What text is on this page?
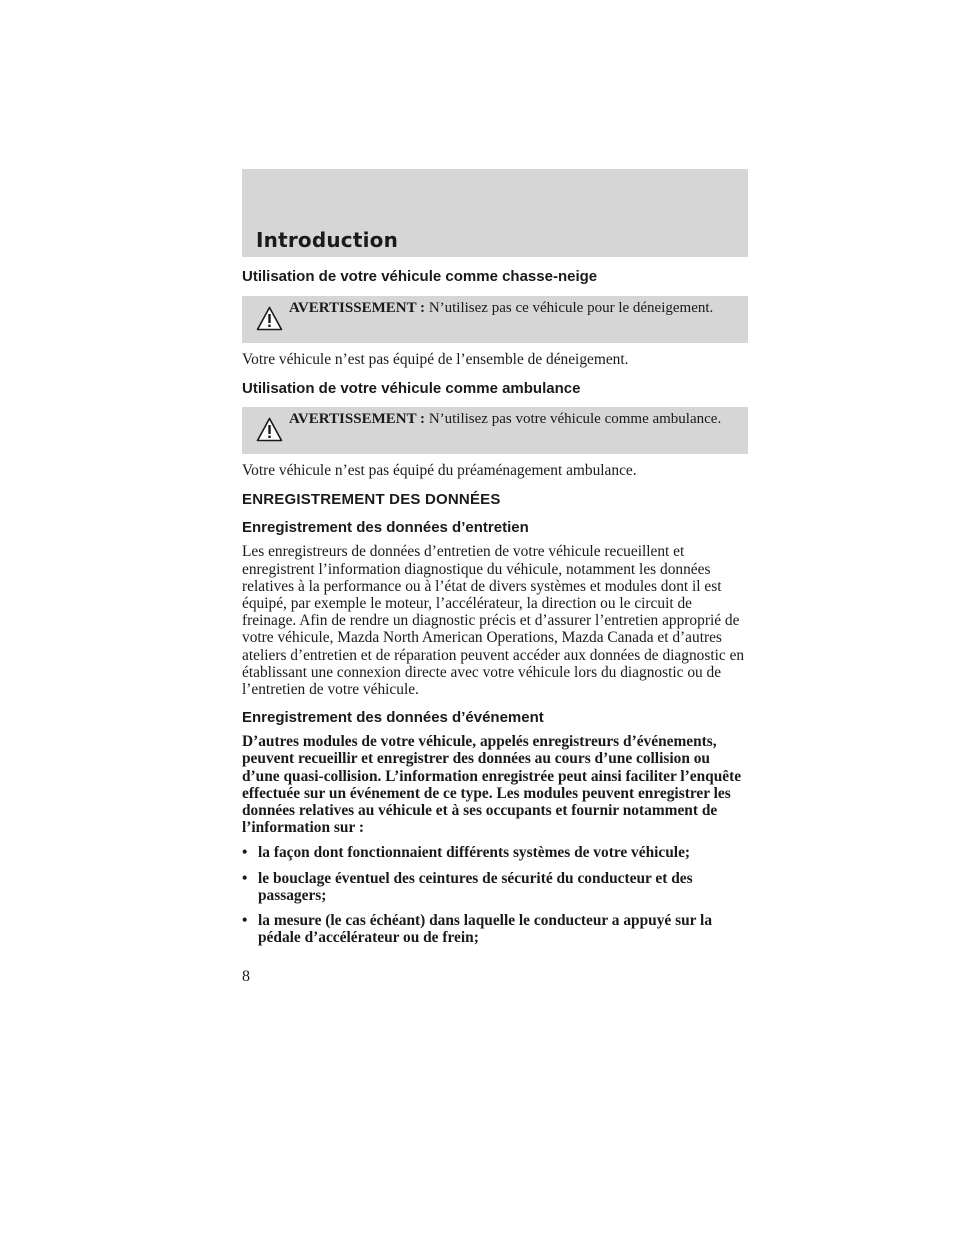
Introduction
Utilisation de votre véhicule comme chasse-neige
AVERTISSEMENT : N’utilisez pas ce véhicule pour le déneigement.

Votre véhicule n’est pas équipé de l’ensemble de déneigement.

Utilisation de votre véhicule comme ambulance
AVERTISSEMENT : N’utilisez pas votre véhicule comme ambulance.

Votre véhicule n’est pas équipé du préaménagement ambulance.

ENREGISTREMENT DES DONNÉES
Enregistrement des données d’entretien

Les enregistreurs de données d’entretien de votre véhicule recueillent et enregistrent l’information diagnostique du véhicule, notamment les données relatives à la performance ou à l’état de divers systèmes et modules dont il est équipé, par exemple le moteur, l’accélérateur, la direction ou le circuit de freinage. Afin de rendre un diagnostic précis et d’assurer l’entretien approprié de votre véhicule, Mazda North American Operations, Mazda Canada et d’autres ateliers d’entretien et de réparation peuvent accéder aux données de diagnostic en établissant une connexion directe avec votre véhicule lors du diagnostic ou de l’entretien de votre véhicule.

Enregistrement des données d’événement

D’autres modules de votre véhicule, appelés enregistreurs d’événements, peuvent recueillir et enregistrer des données au cours d’une collision ou d’une quasi-collision. L’information enregistrée peut ainsi faciliter l’enquête effectuée sur un événement de ce type. Les modules peuvent enregistrer les données relatives au véhicule et à ses occupants et fournir notamment de l’information sur :

• la façon dont fonctionnaient différents systèmes de votre véhicule;
• le bouclage éventuel des ceintures de sécurité du conducteur et des passagers;
• la mesure (le cas échéant) dans laquelle le conducteur a appuyé sur la pédale d’accélérateur ou de frein;
8
